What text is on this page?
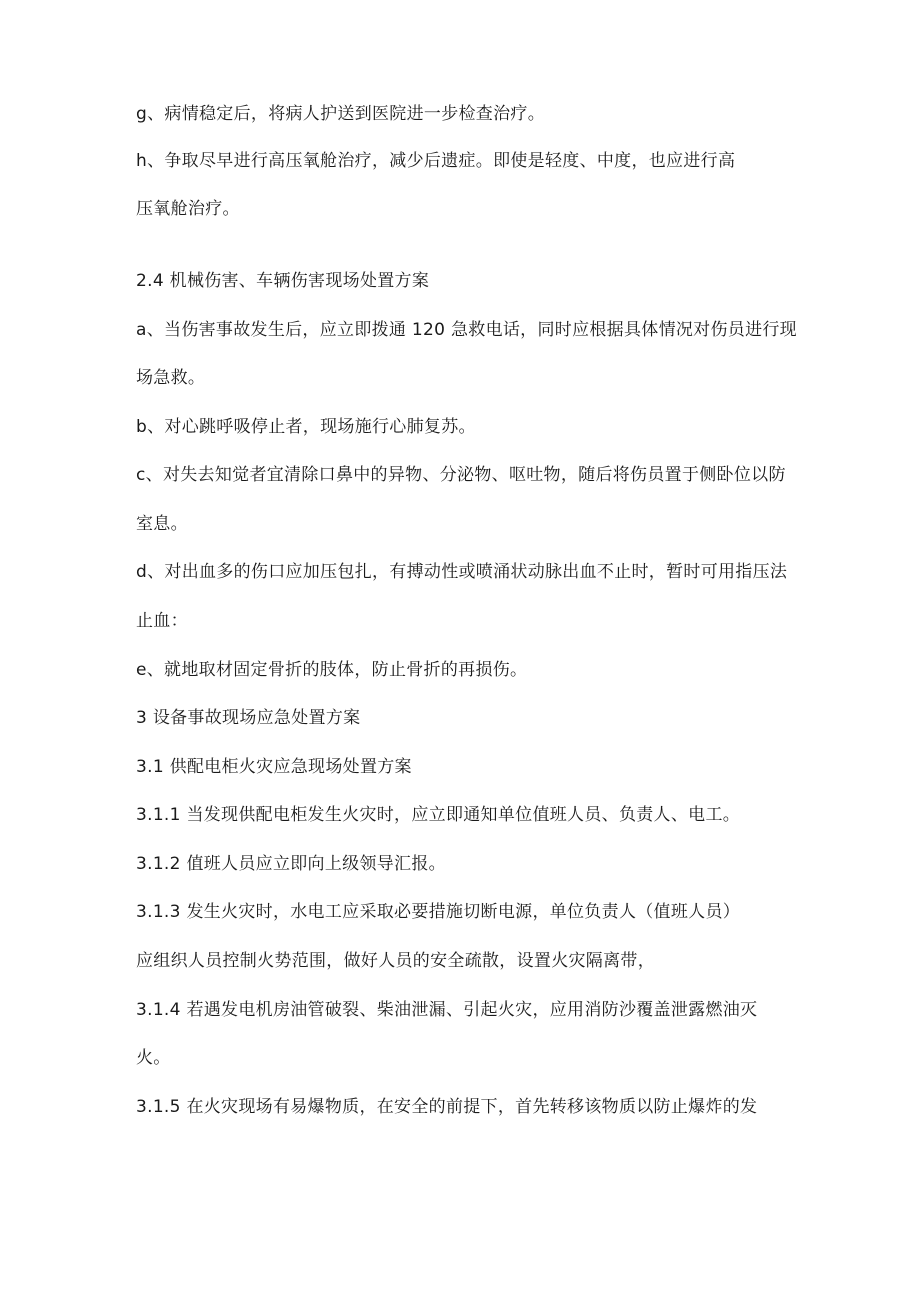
g、病情稳定后，将病人护送到医院进一步检查治疗。
h、争取尽早进行高压氧舱治疗，减少后遗症。即使是轻度、中度，也应进行高
压氧舱治疗。
2.4 机械伤害、车辆伤害现场处置方案
a、当伤害事故发生后，应立即拨通 120 急救电话，同时应根据具体情况对伤员进行现
场急救。
b、对心跳呼吸停止者，现场施行心肺复苏。
c、对失去知觉者宜清除口鼻中的异物、分泌物、呕吐物，随后将伤员置于侧卧位以防
室息。
d、对出血多的伤口应加压包扎，有搏动性或喷涌状动脉出血不止时，暂时可用指压法
止血：
e、就地取材固定骨折的肢体，防止骨折的再损伤。
3 设备事故现场应急处置方案
3.1 供配电柜火灾应急现场处置方案
3.1.1 当发现供配电柜发生火灾时，应立即通知单位值班人员、负责人、电工。
3.1.2 值班人员应立即向上级领导汇报。
3.1.3 发生火灾时，水电工应采取必要措施切断电源，单位负责人（值班人员）
应组织人员控制火势范围，做好人员的安全疏散，设置火灾隔离带，
3.1.4 若遇发电机房油管破裂、柴油泄漏、引起火灾，应用消防沙覆盖泄露燃油灭
火。
3.1.5 在火灾现场有易爆物质，在安全的前提下，首先转移该物质以防止爆炸的发
